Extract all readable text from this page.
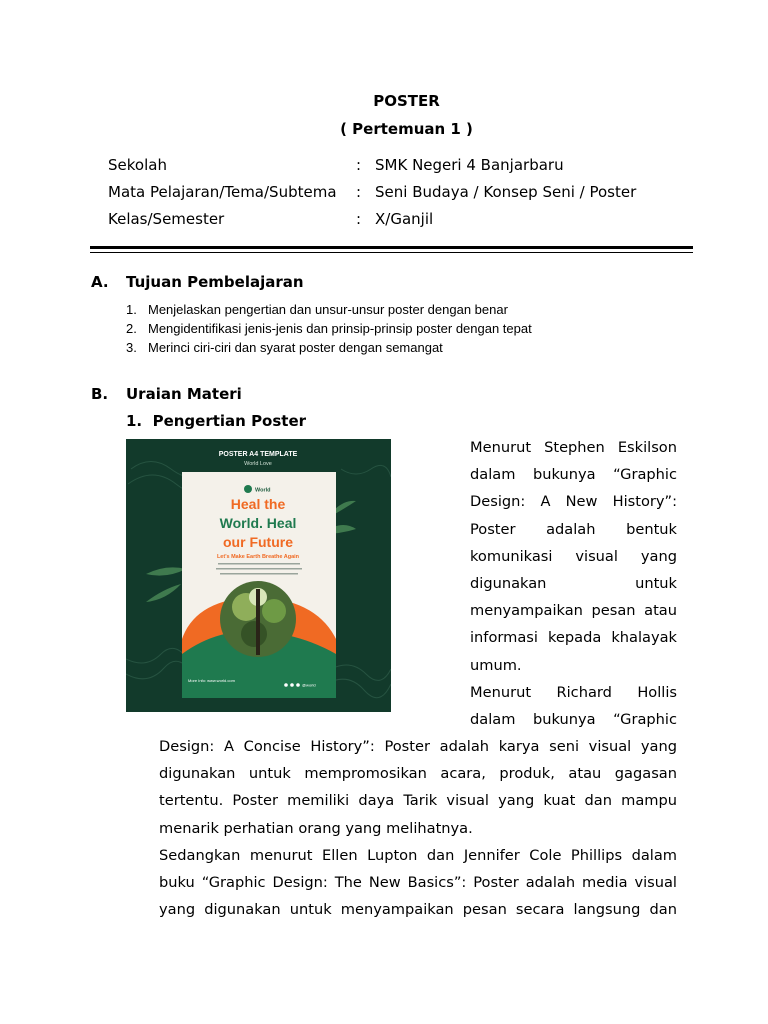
POSTER
( Pertemuan 1 )
Sekolah	: SMK Negeri 4 Banjarbaru
Mata Pelajaran/Tema/Subtema : Seni Budaya / Konsep Seni / Poster
Kelas/Semester	: X/Ganjil
A. Tujuan Pembelajaran
1. Menjelaskan pengertian dan unsur-unsur poster dengan benar
2. Mengidentifikasi jenis-jenis dan prinsip-prinsip poster dengan tepat
3. Merinci ciri-ciri dan syarat poster dengan semangat
B. Uraian Materi
1.  Pengertian Poster
POSTER A4 TEMPLATE
World Love
World
Heal the
World. Heal
our Future
Let's Make Earth Breathe Again
More Info: www.world.com
@world
Menurut Stephen Eskilson
dalam bukunya “Graphic
Design: A New History”:
Poster adalah bentuk
komunikasi visual yang
digunakan untuk
menyampaikan pesan atau
informasi kepada khalayak
umum.
Menurut Richard Hollis
dalam bukunya “Graphic
Design: A Concise History”: Poster adalah karya seni visual yang
digunakan untuk mempromosikan acara, produk, atau gagasan
tertentu. Poster memiliki daya Tarik visual yang kuat dan mampu
menarik perhatian orang yang melihatnya.
Sedangkan menurut Ellen Lupton dan Jennifer Cole Phillips dalam
buku “Graphic Design: The New Basics”: Poster adalah media visual
yang digunakan untuk menyampaikan pesan secara langsung dan
